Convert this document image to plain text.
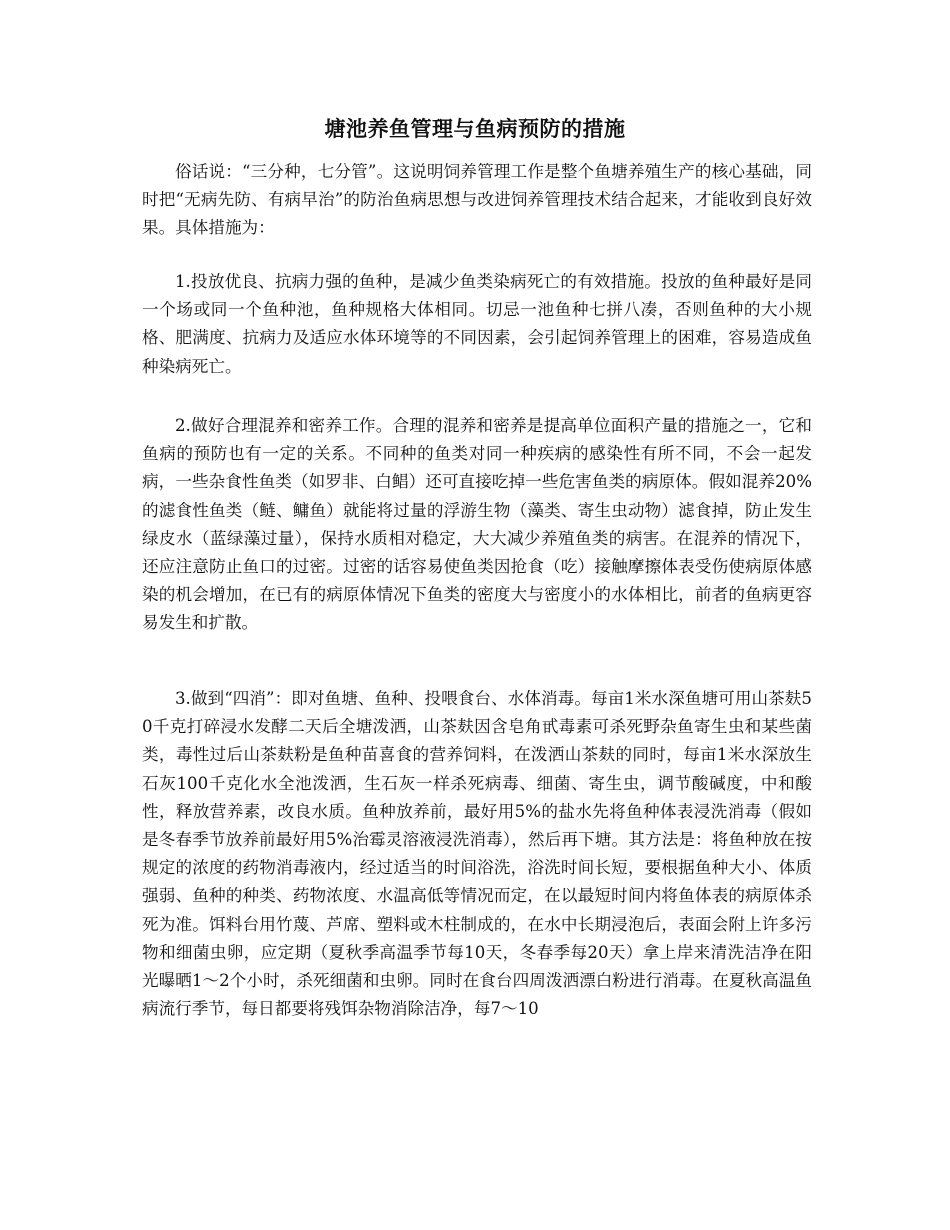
塘池养鱼管理与鱼病预防的措施

俗话说：“三分种，七分管”。这说明饲养管理工作是整个鱼塘养殖生产的核心基础，同时把“无病先防、有病早治”的防治鱼病思想与改进饲养管理技术结合起来，才能收到良好效果。具体措施为：

1.投放优良、抗病力强的鱼种，是减少鱼类染病死亡的有效措施。投放的鱼种最好是同一个场或同一个鱼种池，鱼种规格大体相同。切忌一池鱼种七拼八凑，否则鱼种的大小规格、肥满度、抗病力及适应水体环境等的不同因素，会引起饲养管理上的困难，容易造成鱼种染病死亡。

2.做好合理混养和密养工作。合理的混养和密养是提高单位面积产量的措施之一，它和鱼病的预防也有一定的关系。不同种的鱼类对同一种疾病的感染性有所不同，不会一起发病，一些杂食性鱼类（如罗非、白鲳）还可直接吃掉一些危害鱼类的病原体。假如混养20%的滤食性鱼类（鲢、鳙鱼）就能将过量的浮游生物（藻类、寄生虫动物）滤食掉，防止发生绿皮水（蓝绿藻过量），保持水质相对稳定，大大减少养殖鱼类的病害。在混养的情况下，还应注意防止鱼口的过密。过密的话容易使鱼类因抢食（吃）接触摩擦体表受伤使病原体感染的机会增加，在已有的病原体情况下鱼类的密度大与密度小的水体相比，前者的鱼病更容易发生和扩散。

3.做到“四消”：即对鱼塘、鱼种、投喂食台、水体消毒。每亩1米水深鱼塘可用山茶麸50千克打碎浸水发酵二天后全塘泼洒，山茶麸因含皂角甙毒素可杀死野杂鱼寄生虫和某些菌类，毒性过后山茶麸粉是鱼种苗喜食的营养饲料，在泼洒山茶麸的同时，每亩1米水深放生石灰100千克化水全池泼洒，生石灰一样杀死病毒、细菌、寄生虫，调节酸碱度，中和酸性，释放营养素，改良水质。鱼种放养前，最好用5%的盐水先将鱼种体表浸洗消毒（假如是冬春季节放养前最好用5%治霉灵溶液浸洗消毒），然后再下塘。其方法是：将鱼种放在按规定的浓度的药物消毒液内，经过适当的时间浴洗，浴洗时间长短，要根据鱼种大小、体质强弱、鱼种的种类、药物浓度、水温高低等情况而定，在以最短时间内将鱼体表的病原体杀死为准。饵料台用竹蔑、芦席、塑料或木柱制成的，在水中长期浸泡后，表面会附上许多污物和细菌虫卵，应定期（夏秋季高温季节每10天，冬春季每20天）拿上岸来清洗洁净在阳光曝晒1～2个小时，杀死细菌和虫卵。同时在食台四周泼洒漂白粉进行消毒。在夏秋高温鱼病流行季节，每日都要将残饵杂物消除洁净，每7～10
